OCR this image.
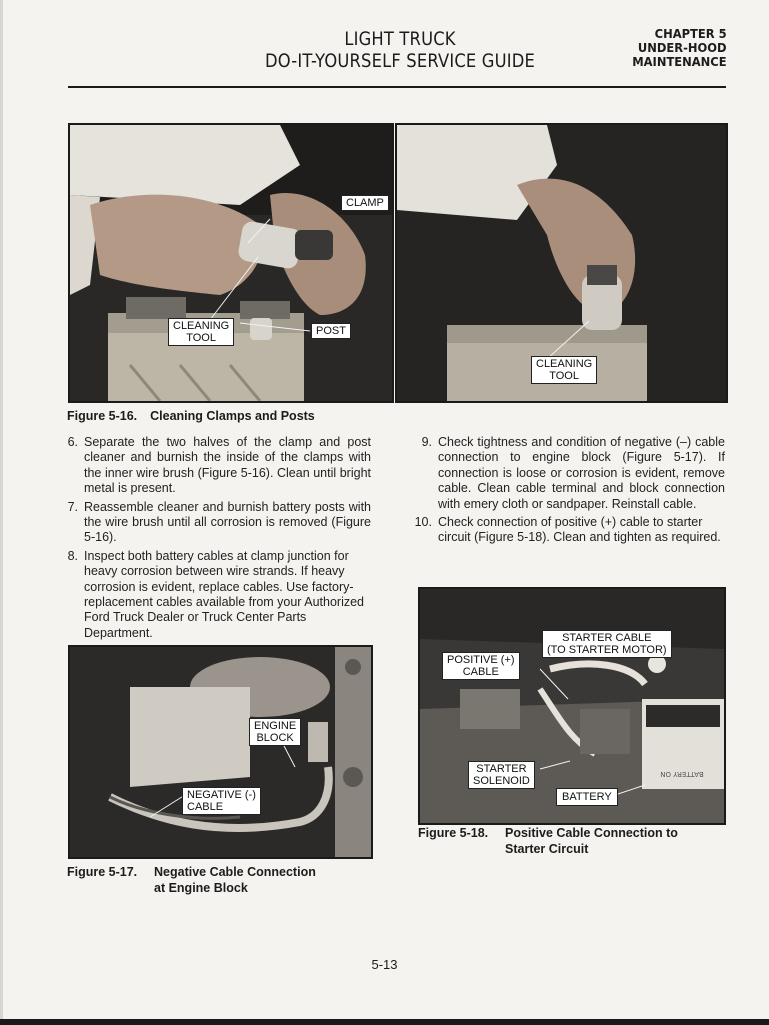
LIGHT TRUCK
DO-IT-YOURSELF SERVICE GUIDE
CHAPTER 5
UNDER-HOOD
MAINTENANCE
CLAMP
CLEANING
TOOL
POST
CLEANING
TOOL
Figure 5-16. Cleaning Clamps and Posts
6. Separate the two halves of the clamp and post cleaner and burnish the inside of the clamps with the inner wire brush (Figure 5-16). Clean until bright metal is present.
7. Reassemble cleaner and burnish battery posts with the wire brush until all corrosion is removed (Figure 5-16).
8. Inspect both battery cables at clamp junction for heavy corrosion between wire strands. If heavy corrosion is evident, replace cables. Use factory-replacement cables available from your Authorized Ford Truck Dealer or Truck Center Parts Department.
9. Check tightness and condition of negative (–) cable connection to engine block (Figure 5-17). If connection is loose or corrosion is evident, remove cable. Clean cable terminal and block connection with emery cloth or sandpaper. Reinstall cable.
10. Check connection of positive (+) cable to starter circuit (Figure 5-18). Clean and tighten as required.
ENGINE
BLOCK
NEGATIVE (-)
CABLE
Figure 5-17. Negative Cable Connection
at Engine Block
BATTERY ON
STARTER CABLE
(TO STARTER MOTOR)
POSITIVE (+)
CABLE
STARTER
SOLENOID
BATTERY
Figure 5-18. Positive Cable Connection to
Starter Circuit
5-13
